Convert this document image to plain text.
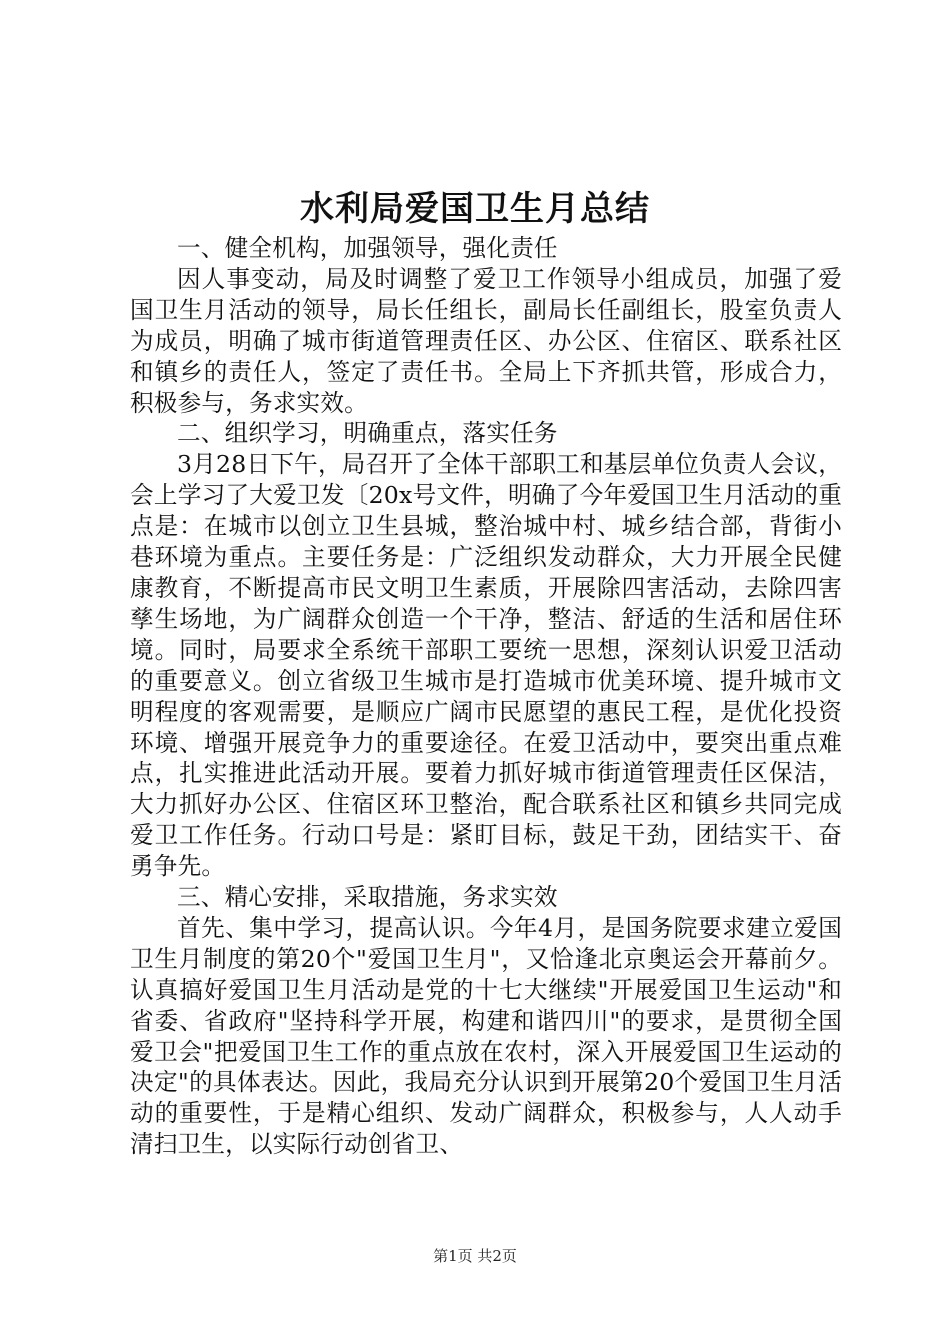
水利局爱国卫生月总结

一、健全机构，加强领导，强化责任

因人事变动，局及时调整了爱卫工作领导小组成员，加强了爱国卫生月活动的领导，局长任组长，副局长任副组长，股室负责人为成员，明确了城市街道管理责任区、办公区、住宿区、联系社区和镇乡的责任人，签定了责任书。全局上下齐抓共管，形成合力，积极参与，务求实效。

二、组织学习，明确重点，落实任务

3月28日下午，局召开了全体干部职工和基层单位负责人会议，会上学习了大爱卫发〔20x号文件，明确了今年爱国卫生月活动的重点是：在城市以创立卫生县城，整治城中村、城乡结合部，背街小巷环境为重点。主要任务是：广泛组织发动群众，大力开展全民健康教育，不断提高市民文明卫生素质，开展除四害活动，去除四害孳生场地，为广阔群众创造一个干净，整洁、舒适的生活和居住环境。同时，局要求全系统干部职工要统一思想，深刻认识爱卫活动的重要意义。创立省级卫生城市是打造城市优美环境、提升城市文明程度的客观需要，是顺应广阔市民愿望的惠民工程，是优化投资环境、增强开展竞争力的重要途径。在爱卫活动中，要突出重点难点，扎实推进此活动开展。要着力抓好城市街道管理责任区保洁，大力抓好办公区、住宿区环卫整治，配合联系社区和镇乡共同完成爱卫工作任务。行动口号是：紧盯目标，鼓足干劲，团结实干、奋勇争先。

三、精心安排，采取措施，务求实效

首先、集中学习，提高认识。今年4月，是国务院要求建立爱国卫生月制度的第20个"爱国卫生月"，又恰逢北京奥运会开幕前夕。认真搞好爱国卫生月活动是党的十七大继续"开展爱国卫生运动"和省委、省政府"坚持科学开展，构建和谐四川"的要求，是贯彻全国爱卫会"把爱国卫生工作的重点放在农村，深入开展爱国卫生运动的决定"的具体表达。因此，我局充分认识到开展第20个爱国卫生月活动的重要性，于是精心组织、发动广阔群众，积极参与，人人动手清扫卫生，以实际行动创省卫、

第1页 共2页
